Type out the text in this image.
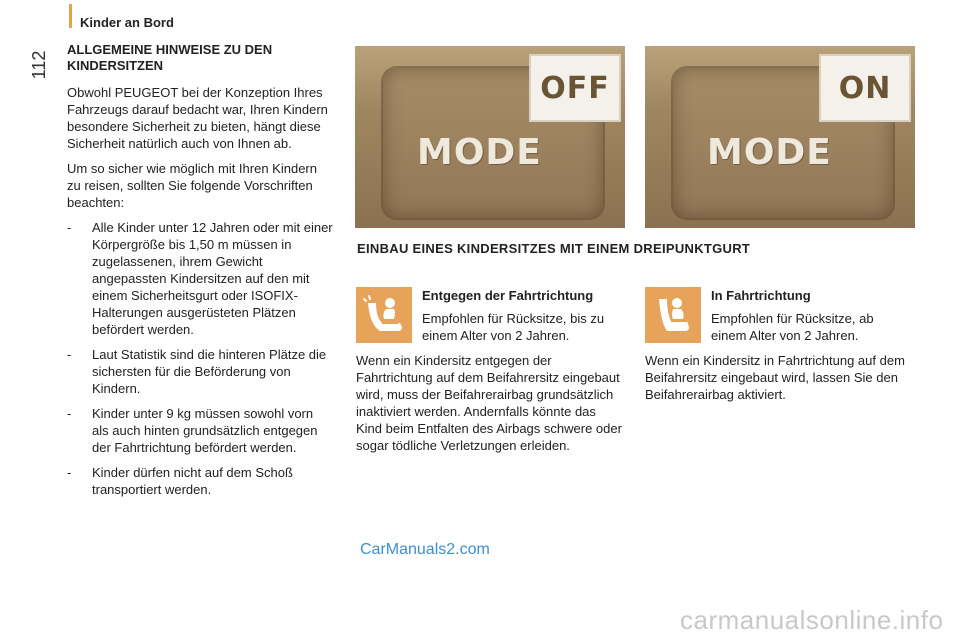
Kinder an Bord
112
ALLGEMEINE HINWEISE ZU DEN KINDERSITZEN

Obwohl PEUGEOT bei der Konzeption Ihres Fahrzeugs darauf bedacht war, Ihren Kindern besondere Sicherheit zu bieten, hängt diese Sicherheit natürlich auch von Ihnen ab.

Um so sicher wie möglich mit Ihren Kindern zu reisen, sollten Sie folgende Vorschriften beachten:

- Alle Kinder unter 12 Jahren oder mit einer Körpergröße bis 1,50 m müssen in zugelassenen, ihrem Gewicht angepassten Kindersitzen auf den mit einem Sicherheitsgurt oder ISOFIX-Halterungen ausgerüsteten Plätzen befördert werden.
- Laut Statistik sind die hinteren Plätze die sichersten für die Beförderung von Kindern.
- Kinder unter 9 kg müssen sowohl vorn als auch hinten grundsätzlich entgegen der Fahrtrichtung befördert werden.
- Kinder dürfen nicht auf dem Schoß transportiert werden.
OFF
MODE
ON
MODE
EINBAU EINES KINDERSITZES MIT EINEM DREIPUNKTGURT
Entgegen der Fahrtrichtung

Empfohlen für Rücksitze, bis zu einem Alter von 2 Jahren.

Wenn ein Kindersitz entgegen der Fahrtrichtung auf dem Beifahrersitz eingebaut wird, muss der Beifahrerairbag grundsätzlich inaktiviert werden. Andernfalls könnte das Kind beim Entfalten des Airbags schwere oder sogar tödliche Verletzungen erleiden.

In Fahrtrichtung

Empfohlen für Rücksitze, ab einem Alter von 2 Jahren.

Wenn ein Kindersitz in Fahrtrichtung auf dem Beifahrersitz eingebaut wird, lassen Sie den Beifahrerairbag aktiviert.

CarManuals2.com
carmanualsonline.info
